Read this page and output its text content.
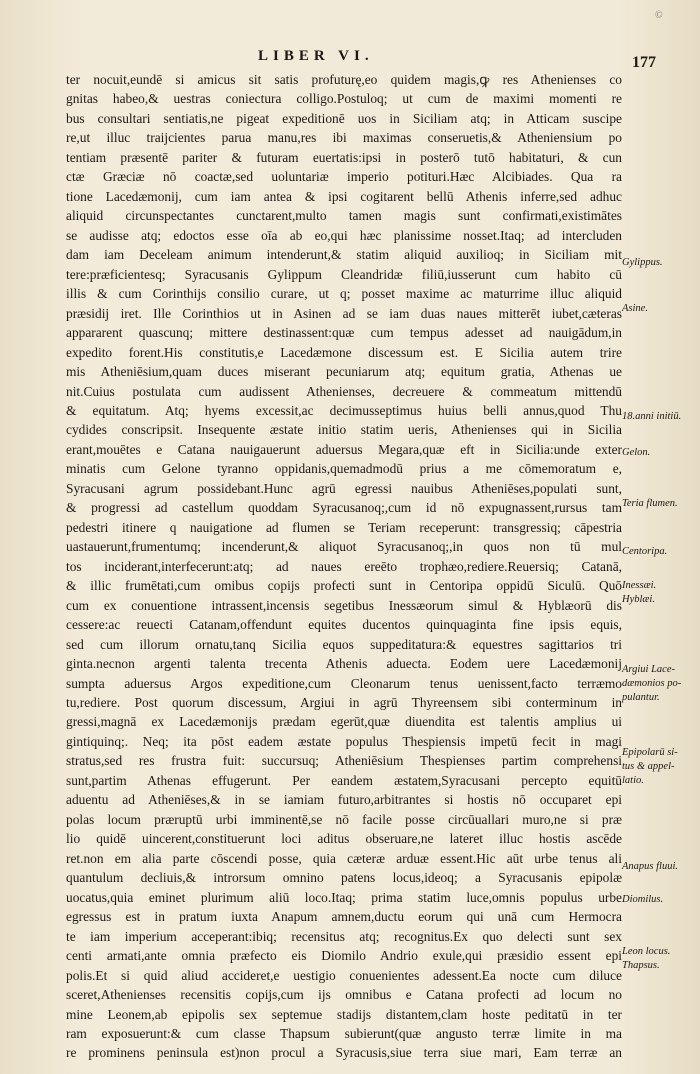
©
LIBER VI.	177
ter nocuit,eundē si amicus sit satis profuturę,eo quidem magis,ꝙ res Athenienses co
gnitas habeo,& uestras coniectura colligo.Postuloq; ut cum de maximi momenti re
bus consultari sentiatis,ne pigeat expeditionē uos in Siciliam atq; in Atticam suscipe
re,ut illuc traijcientes parua manu,res ibi maximas conseruetis,& Atheniensium po
tentiam præsentē pariter & futuram euertatis:ipsi in posterō tutō habitaturi, & cun
ctæ Græciæ nō coactæ,sed uoluntariæ imperio potituri.Hæc Alcibiades. Qua ra
tione Lacedæmonij, cum iam antea & ipsi cogitarent bellū Athenis inferre,sed adhuc
aliquid circunspectantes cunctarent,multo tamen magis sunt confirmati,existimātes
se audisse atq; edoctos esse oīa ab eo,qui hæc planissime nosset.Itaq; ad intercluden
dam iam Deceleam animum intenderunt,& statim aliquid auxilioq; in Siciliam mit
tere:præficientesq; Syracusanis Gylippum Cleandridæ filiū,iusserunt cum habito cū
illis & cum Corinthijs consilio curare, ut q; posset maxime ac maturrime illuc aliquid
præsidij iret. Ille Corinthios ut in Asinen ad se iam duas naues mitterēt iubet,cæteras
appararent quascunq; mittere destinassent:quæ cum tempus adesset ad nauigādum,in
expedito forent.His constitutis,e Lacedæmone discessum est. E Sicilia autem trire
mis Atheniēsium,quam duces miserant pecuniarum atq; equitum gratia, Athenas ue
nit.Cuius postulata cum audissent Athenienses, decreuere & commeatum mittendū
& equitatum. Atq; hyems excessit,ac decimusseptimus huius belli annus,quod Thu
cydides conscripsit. Insequente æstate initio statim ueris, Athenienses qui in Sicilia
erant,mouētes e Catana nauigauerunt aduersus Megara,quæ eft in Sicilia:unde exter
minatis cum Gelone tyranno oppidanis,quemadmodū prius a me cōmemoratum e,
Syracusani agrum possidebant.Hunc agrū egressi nauibus Atheniēses,populati sunt,
& progressi ad castellum quoddam Syracusanoq;,cum id nō expugnassent,rursus tam
pedestri itinere q nauigatione ad flumen se Teriam receperunt: transgressiq; cāpestria
uastauerunt,frumentumq; incenderunt,& aliquot Syracusanoq;,in quos non tū mul
tos inciderant,interfecerunt:atq; ad naues ereēto trophæo,rediere.Reuersiq; Catanā,
& illic frumētati,cum omibus copijs profecti sunt in Centoripa oppidū Siculū. Quō
cum ex conuentione intrassent,incensis segetibus Inessæorum simul & Hyblæorū dis
cessere:ac reuecti Catanam,offendunt equites ducentos quinquaginta fine ipsis equis,
sed cum illorum ornatu,tanq Sicilia equos suppeditatura:& equestres sagittarios tri
ginta.necnon argenti talenta trecenta Athenis aduecta. Eodem uere Lacedæmonij
sumpta aduersus Argos expeditione,cum Cleonarum tenus uenissent,facto terræmo
tu,rediere. Post quorum discessum, Argiui in agrū Thyreensem sibi conterminum in
gressi,magnā ex Lacedæmonijs prædam egerūt,quæ diuendita est talentis amplius ui
gintiquinq;. Neq; ita pōst eadem æstate populus Thespiensis impetū fecit in magi
stratus,sed res frustra fuit: succursuq; Atheniēsium Thespienses partim comprehensi
sunt,partim Athenas effugerunt. Per eandem æstatem,Syracusani percepto equitū
aduentu ad Atheniēses,& in se iamiam futuro,arbitrantes si hostis nō occuparet epi
polas locum præruptū urbi imminentē,se nō facile posse circūuallari muro,ne si præ
lio quidē uincerent,constituerunt loci aditus obseruare,ne lateret illuc hostis ascēde
ret.non em alia parte cōscendi posse, quia cæteræ arduæ essent.Hic aūt urbe tenus ali
quantulum decliuis,& introrsum omnino patens locus,ideoq; a Syracusanis epipolæ
uocatus,quia eminet plurimum aliū loco.Itaq; prima statim luce,omnis populus urbe
egressus est in pratum iuxta Anapum amnem,ductu eorum qui unā cum Hermocra
te iam imperium acceperant:ibiq; recensitus atq; recognitus.Ex quo delecti sunt sex
centi armati,ante omnia præfecto eis Diomilo Andrio exule,qui præsidio essent epi
polis.Et si quid aliud accideret,e uestigio conuenientes adessent.Ea nocte cum diluce
sceret,Athenienses recensitis copijs,cum ijs omnibus e Catana profecti ad locum no
mine Leonem,ab epipolis sex septemue stadijs distantem,clam hoste peditatū in ter
ram exposuerunt:& cum classe Thapsum subierunt(quæ angusto terræ limite in ma
re prominens peninsula est)non procul a Syracusis,siue terra siue mari, Eam terræ an
Gylippus.
Asine.
18.anni initiū.
Gelon.
Teria flumen.
Centoripa.
Inessæi.
Hyblæi.
Argiui Lace-
dæmonios po-
pulantur.
Epipolarū si-
tus & appel-
latio.
Anapus fluui.
Diomilus.
Leon locus.
Thapsus.
